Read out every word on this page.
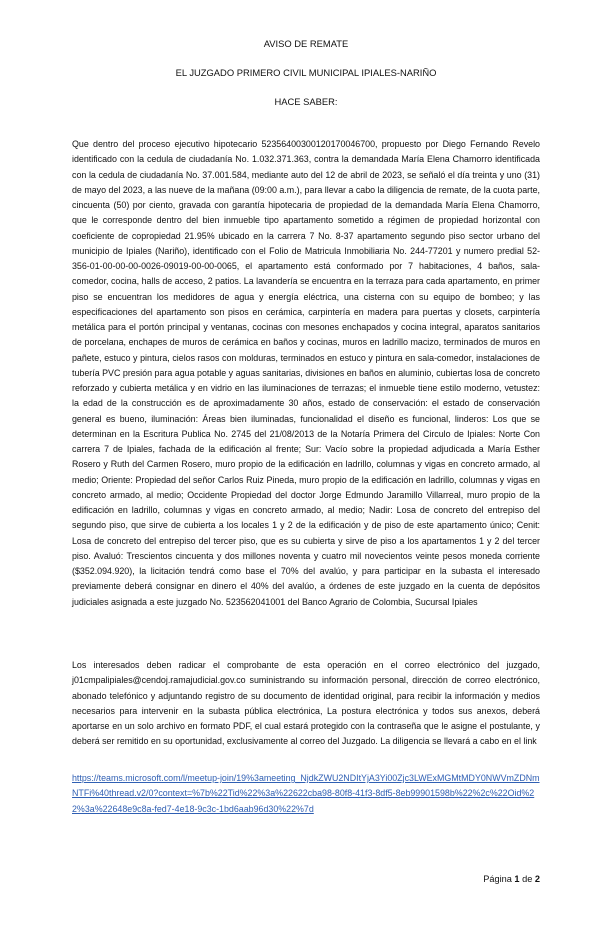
AVISO DE REMATE
EL JUZGADO PRIMERO CIVIL MUNICIPAL IPIALES-NARIÑO
HACE SABER:

Que dentro del proceso ejecutivo hipotecario 52356400300120170046700, propuesto por Diego Fernando Revelo identificado con la cedula de ciudadanía No. 1.032.371.363, contra la demandada María Elena Chamorro identificada con la cedula de ciudadanía No. 37.001.584, mediante auto del 12 de abril de 2023, se señaló el día treinta y uno (31) de mayo del 2023, a las nueve de la mañana (09:00 a.m.), para llevar a cabo la diligencia de remate, de la cuota parte, cincuenta (50) por ciento, gravada con garantía hipotecaria de propiedad de la demandada María Elena Chamorro, que le corresponde dentro del bien inmueble tipo apartamento sometido a régimen de propiedad horizontal con coeficiente de copropiedad 21.95% ubicado en la carrera 7 No. 8-37 apartamento segundo piso sector urbano del municipio de Ipiales (Nariño), identificado con el Folio de Matricula Inmobiliaria No. 244-77201 y numero predial 52-356-01-00-00-00-0026-09019-00-00-0065, el apartamento está conformado por 7 habitaciones, 4 baños, sala-comedor, cocina, halls de acceso, 2 patios. La lavandería se encuentra en la terraza para cada apartamento, en primer piso se encuentran los medidores de agua y energía eléctrica, una cisterna con su equipo de bombeo; y las especificaciones del apartamento son pisos en cerámica, carpintería en madera para puertas y closets, carpintería metálica para el portón principal y ventanas, cocinas con mesones enchapados y cocina integral, aparatos sanitarios de porcelana, enchapes de muros de cerámica en baños y cocinas, muros en ladrillo macizo, terminados de muros en pañete, estuco y pintura, cielos rasos con molduras, terminados en estuco y pintura en sala-comedor, instalaciones de tubería PVC presión para agua potable y aguas sanitarias, divisiones en baños en aluminio, cubiertas losa de concreto reforzado y cubierta metálica y en vidrio en las iluminaciones de terrazas; el inmueble tiene estilo moderno, vetustez: la edad de la construcción es de aproximadamente 30 años, estado de conservación: el estado de conservación general es bueno, iluminación: Áreas bien iluminadas, funcionalidad el diseño es funcional, linderos: Los que se determinan en la Escritura Publica No. 2745 del 21/08/2013 de la Notaría Primera del Circulo de Ipiales: Norte Con carrera 7 de Ipiales, fachada de la edificación al frente; Sur: Vacío sobre la propiedad adjudicada a María Esther Rosero y Ruth del Carmen Rosero, muro propio de la edificación en ladrillo, columnas y vigas en concreto armado, al medio; Oriente: Propiedad del señor Carlos Ruiz Pineda, muro propio de la edificación en ladrillo, columnas y vigas en concreto armado, al medio; Occidente Propiedad del doctor Jorge Edmundo Jaramillo Villarreal, muro propio de la edificación en ladrillo, columnas y vigas en concreto armado, al medio; Nadir: Losa de concreto del entrepiso del segundo piso, que sirve de cubierta a los locales 1 y 2 de la edificación y de piso de este apartamento único; Cenit: Losa de concreto del entrepiso del tercer piso, que es su cubierta y sirve de piso a los apartamentos 1 y 2 del tercer piso. Avaluó: Trescientos cincuenta y dos millones noventa y cuatro mil novecientos veinte pesos moneda corriente ($352.094.920), la licitación tendrá como base el 70% del avalúo, y para participar en la subasta el interesado previamente deberá consignar en dinero el 40% del avalúo, a órdenes de este juzgado en la cuenta de depósitos judiciales asignada a este juzgado No. 523562041001 del Banco Agrario de Colombia, Sucursal Ipiales

Los interesados deben radicar el comprobante de esta operación en el correo electrónico del juzgado, j01cmpalipiales@cendoj.ramajudicial.gov.co suministrando su información personal, dirección de correo electrónico, abonado telefónico y adjuntando registro de su documento de identidad original, para recibir la información y medios necesarios para intervenir en la subasta pública electrónica, La postura electrónica y todos sus anexos, deberá aportarse en un solo archivo en formato PDF, el cual estará protegido con la contraseña que le asigne el postulante, y deberá ser remitido en su oportunidad, exclusivamente al correo del Juzgado. La diligencia se llevará a cabo en el link

https://teams.microsoft.com/l/meetup-join/19%3ameeting_NjdkZWU2NDItYjA3Yi00Zjc3LWExMGMtMDY0NWVmZDNmNTFi%40thread.v2/0?context=%7b%22Tid%22%3a%22622cba98-80f8-41f3-8df5-8eb99901598b%22%2c%22Oid%22%3a%22648e9c8a-fed7-4e18-9c3c-1bd6aab96d30%22%7d
Página 1 de 2
